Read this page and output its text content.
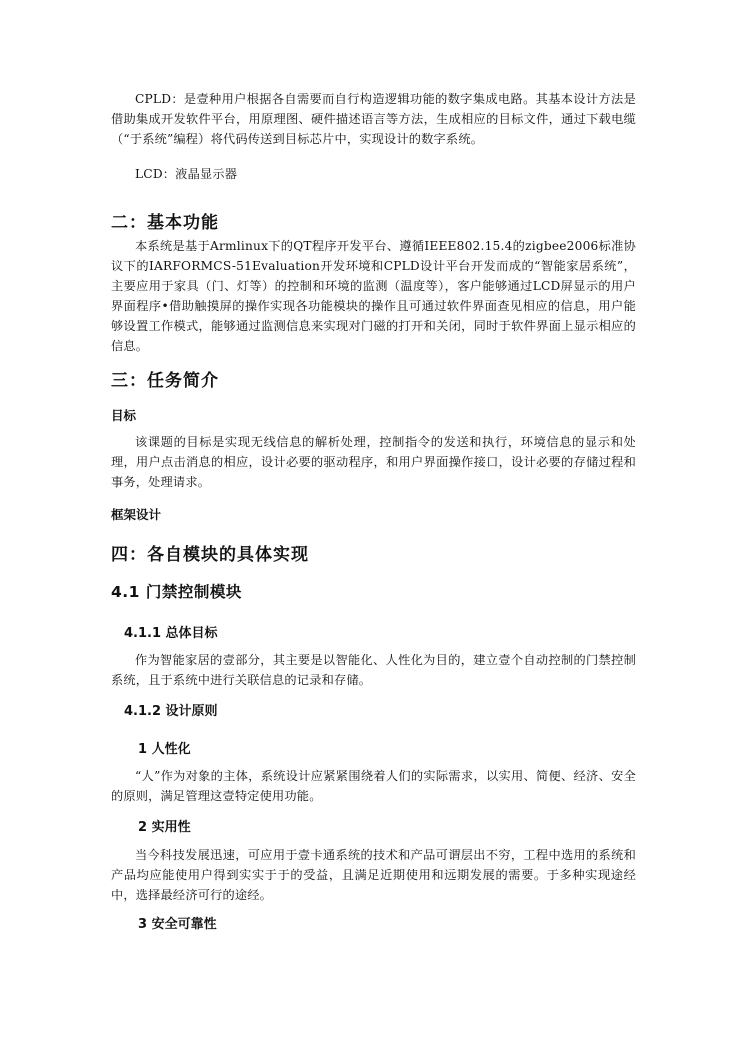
CPLD：是壹种用户根据各自需要而自行构造逻辑功能的数字集成电路。其基本设计方法是借助集成开发软件平台，用原理图、硬件描述语言等方法，生成相应的目标文件，通过下载电缆（“于系统”编程）将代码传送到目标芯片中，实现设计的数字系统。
LCD：液晶显示器
二：基本功能
本系统是基于Armlinux下的QT程序开发平台、遵循IEEE802.15.4的zigbee2006标准协议下的IARFORMCS-51Evaluation开发环境和CPLD设计平台开发而成的“智能家居系统”，主要应用于家具（门、灯等）的控制和环境的监测（温度等），客户能够通过LCD屏显示的用户界面程序•借助触摸屏的操作实现各功能模块的操作且可通过软件界面查见相应的信息，用户能够设置工作模式，能够通过监测信息来实现对门磁的打开和关闭，同时于软件界面上显示相应的信息。
三：任务简介
目标
该课题的目标是实现无线信息的解析处理，控制指令的发送和执行，环境信息的显示和处理，用户点击消息的相应，设计必要的驱动程序，和用户界面操作接口，设计必要的存储过程和事务，处理请求。
框架设计
四：各自模块的具体实现
4.1 门禁控制模块
4.1.1 总体目标
作为智能家居的壹部分，其主要是以智能化、人性化为目的，建立壹个自动控制的门禁控制系统，且于系统中进行关联信息的记录和存储。
4.1.2 设计原则
1 人性化
“人”作为对象的主体，系统设计应紧紧围绕着人们的实际需求，以实用、简便、经济、安全的原则，满足管理这壹特定使用功能。
2 实用性
当今科技发展迅速，可应用于壹卡通系统的技术和产品可谓层出不穷，工程中选用的系统和产品均应能使用户得到实实于于的受益，且满足近期使用和远期发展的需要。于多种实现途经中，选择最经济可行的途经。
3 安全可靠性
